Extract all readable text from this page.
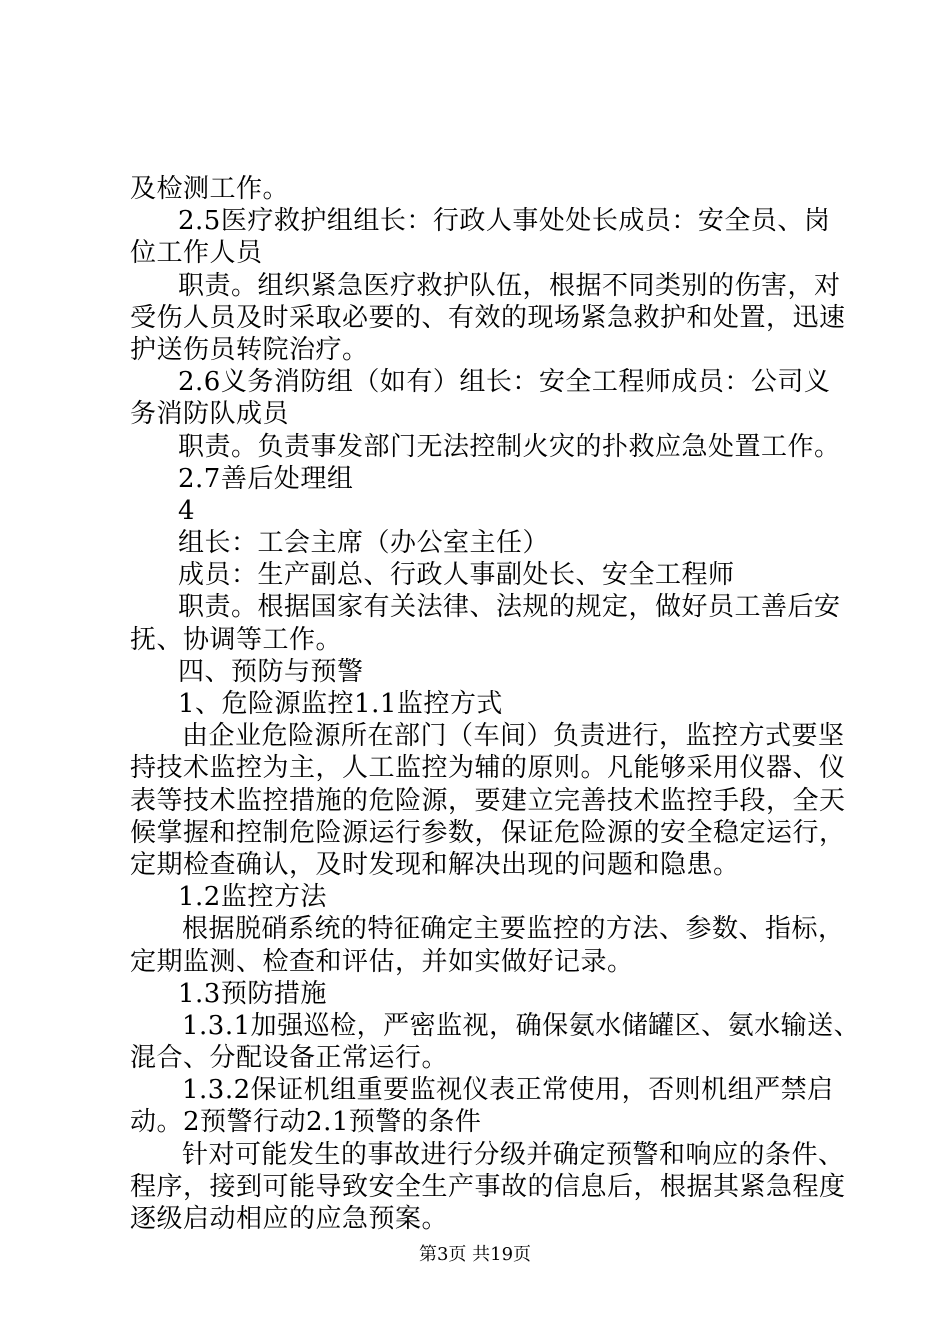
及检测工作。
2.5医疗救护组组长：行政人事处处长成员：安全员、岗
位工作人员
职责。组织紧急医疗救护队伍，根据不同类别的伤害，对
受伤人员及时采取必要的、有效的现场紧急救护和处置，迅速
护送伤员转院治疗。
2.6义务消防组（如有）组长：安全工程师成员：公司义
务消防队成员
职责。负责事发部门无法控制火灾的扑救应急处置工作。
2.7善后处理组
4
组长：工会主席（办公室主任）
成员：生产副总、行政人事副处长、安全工程师
职责。根据国家有关法律、法规的规定，做好员工善后安
抚、协调等工作。
四、预防与预警
1、危险源监控1.1监控方式
由企业危险源所在部门（车间）负责进行，监控方式要坚
持技术监控为主，人工监控为辅的原则。凡能够采用仪器、仪
表等技术监控措施的危险源，要建立完善技术监控手段，全天
候掌握和控制危险源运行参数，保证危险源的安全稳定运行，
定期检查确认，及时发现和解决出现的问题和隐患。
1.2监控方法
根据脱硝系统的特征确定主要监控的方法、参数、指标，
定期监测、检查和评估，并如实做好记录。
1.3预防措施
1.3.1加强巡检，严密监视，确保氨水储罐区、氨水输送、
混合、分配设备正常运行。
1.3.2保证机组重要监视仪表正常使用，否则机组严禁启
动。2预警行动2.1预警的条件
针对可能发生的事故进行分级并确定预警和响应的条件、
程序，接到可能导致安全生产事故的信息后，根据其紧急程度
逐级启动相应的应急预案。
第3页 共19页
